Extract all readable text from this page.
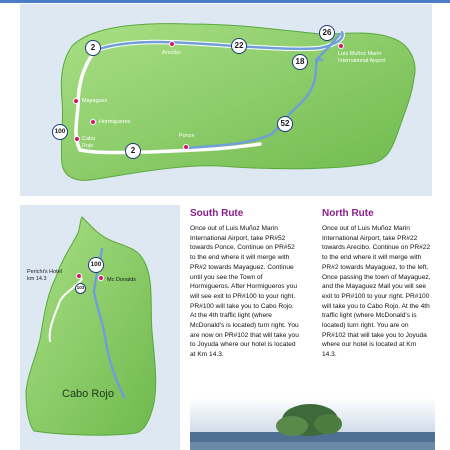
Arecibo	Luis Muñoz Marin International Airport
Mayaguez
Hormigueros
Cabo Rojo
Ponce
2	22
26
18
52
100
2
Perichi's Hotel
km 14.3	Mc Donalds
100
103
Cabo Rojo
South Rute
Once out of Luis Muñoz Marin International Airport, take PR#52 towards Ponce. Continue on PR#52 to the end where it will merge with PR#2 towards Mayaguez. Continue until you see the Town of Hormigueros. After Hormigueros you will see exit to PR#100 to your right. PR#100 will take you to Cabo Rojo. At the 4th traffic light (where McDonald's is located) turn right. You are now on PR#102 that will take you to Joyuda where our hotel is located at Km 14.3.
North Rute
Once out of Luis Muñoz Marin International Airport, take PR#22 towards Arecibo. Continue on PR#22 to the end where it will merge with PR#2 towards Mayaguez, to the left. Once passing the town of Mayaguez, and the Mayaguez Mall you will see exit to PR#100 to your right. PR#100 will take you to Cabo Rojo. At the 4th traffic light (where McDonald's is located) turn right. You are on PR#102 that will take you to Joyuda where our hotel is located at Km 14.3.
